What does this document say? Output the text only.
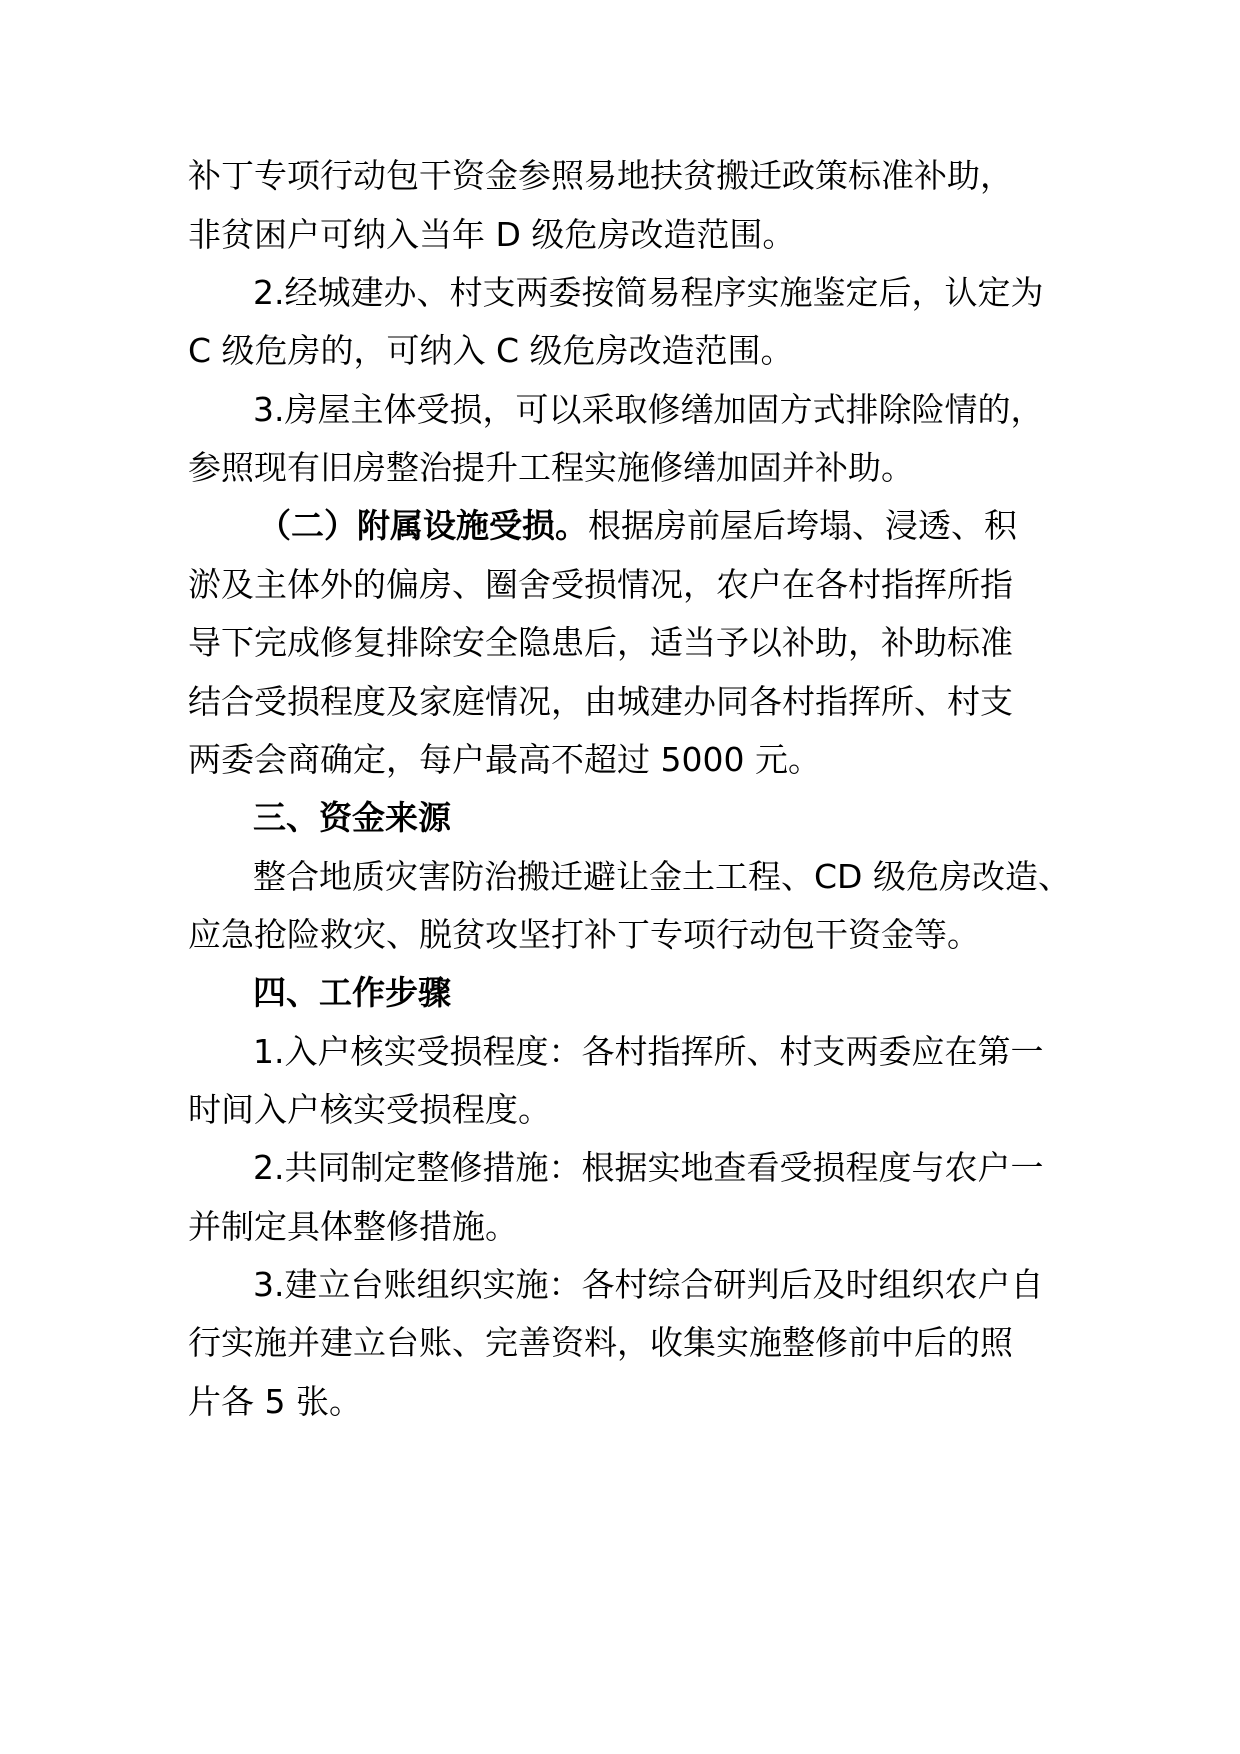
补丁专项行动包干资金参照易地扶贫搬迁政策标准补助，
非贫困户可纳入当年 D 级危房改造范围。
2.经城建办、村支两委按简易程序实施鉴定后，认定为
C 级危房的，可纳入 C 级危房改造范围。
3.房屋主体受损，可以采取修缮加固方式排除险情的，
参照现有旧房整治提升工程实施修缮加固并补助。
（二）附属设施受损。根据房前屋后垮塌、浸透、积
淤及主体外的偏房、圈舍受损情况，农户在各村指挥所指
导下完成修复排除安全隐患后，适当予以补助，补助标准
结合受损程度及家庭情况，由城建办同各村指挥所、村支
两委会商确定，每户最高不超过 5000 元。
三、资金来源
整合地质灾害防治搬迁避让金土工程、CD 级危房改造、
应急抢险救灾、脱贫攻坚打补丁专项行动包干资金等。
四、工作步骤
1.入户核实受损程度：各村指挥所、村支两委应在第一
时间入户核实受损程度。
2.共同制定整修措施：根据实地查看受损程度与农户一
并制定具体整修措施。
3.建立台账组织实施：各村综合研判后及时组织农户自
行实施并建立台账、完善资料，收集实施整修前中后的照
片各 5 张。
